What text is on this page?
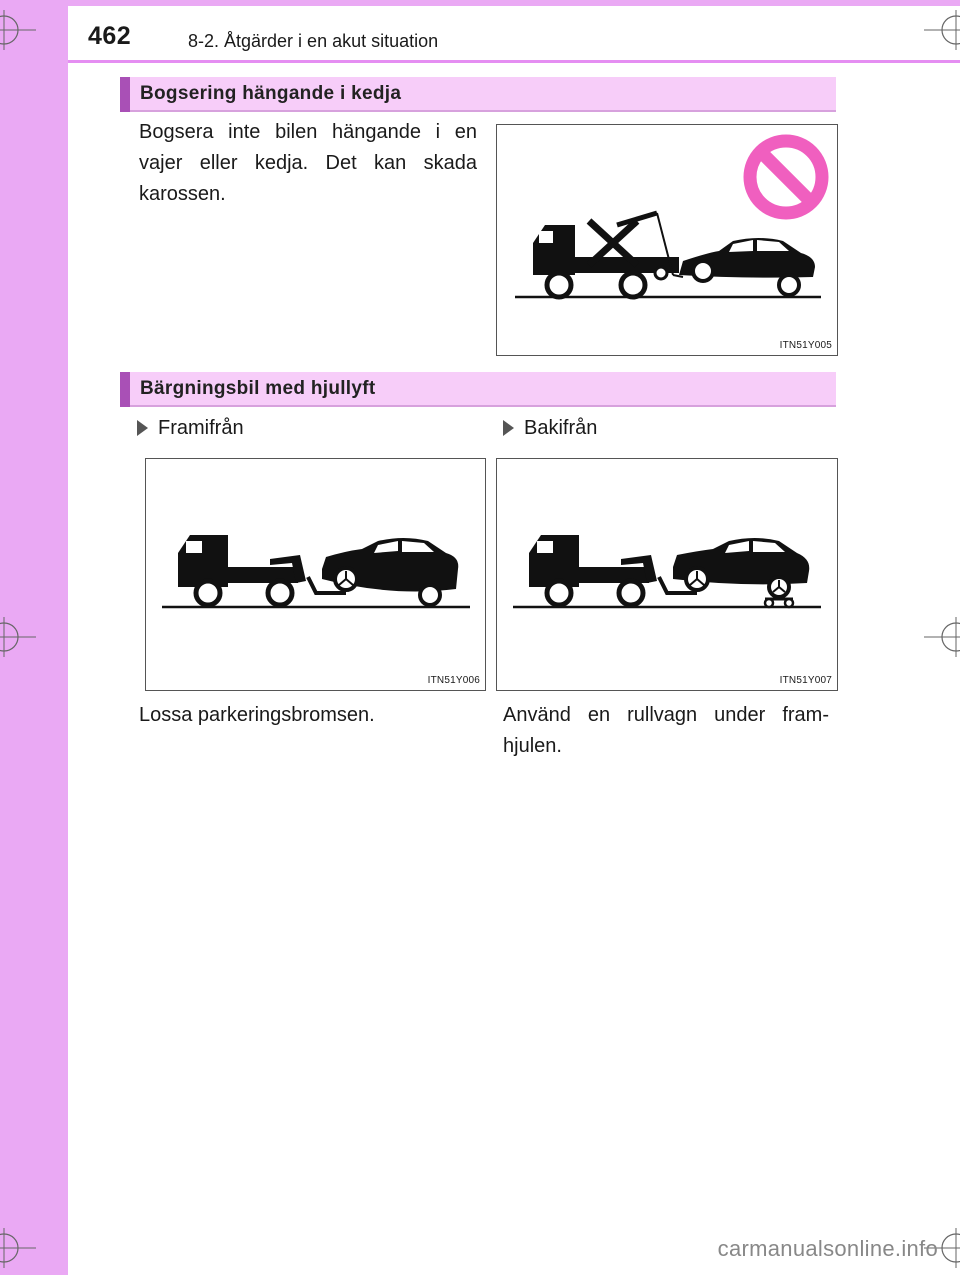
462	8-2. Åtgärder i en akut situation
Bogsering hängande i kedja
Bogsera inte bilen hängande i en vajer eller kedja. Det kan skada karossen.
ITN51Y005
Bärgningsbil med hjullyft
Framifrån	Bakifrån
ITN51Y006	ITN51Y007
Lossa parkeringsbromsen.	Använd en rullvagn under fram-hjulen.
carmanualsonline.info
